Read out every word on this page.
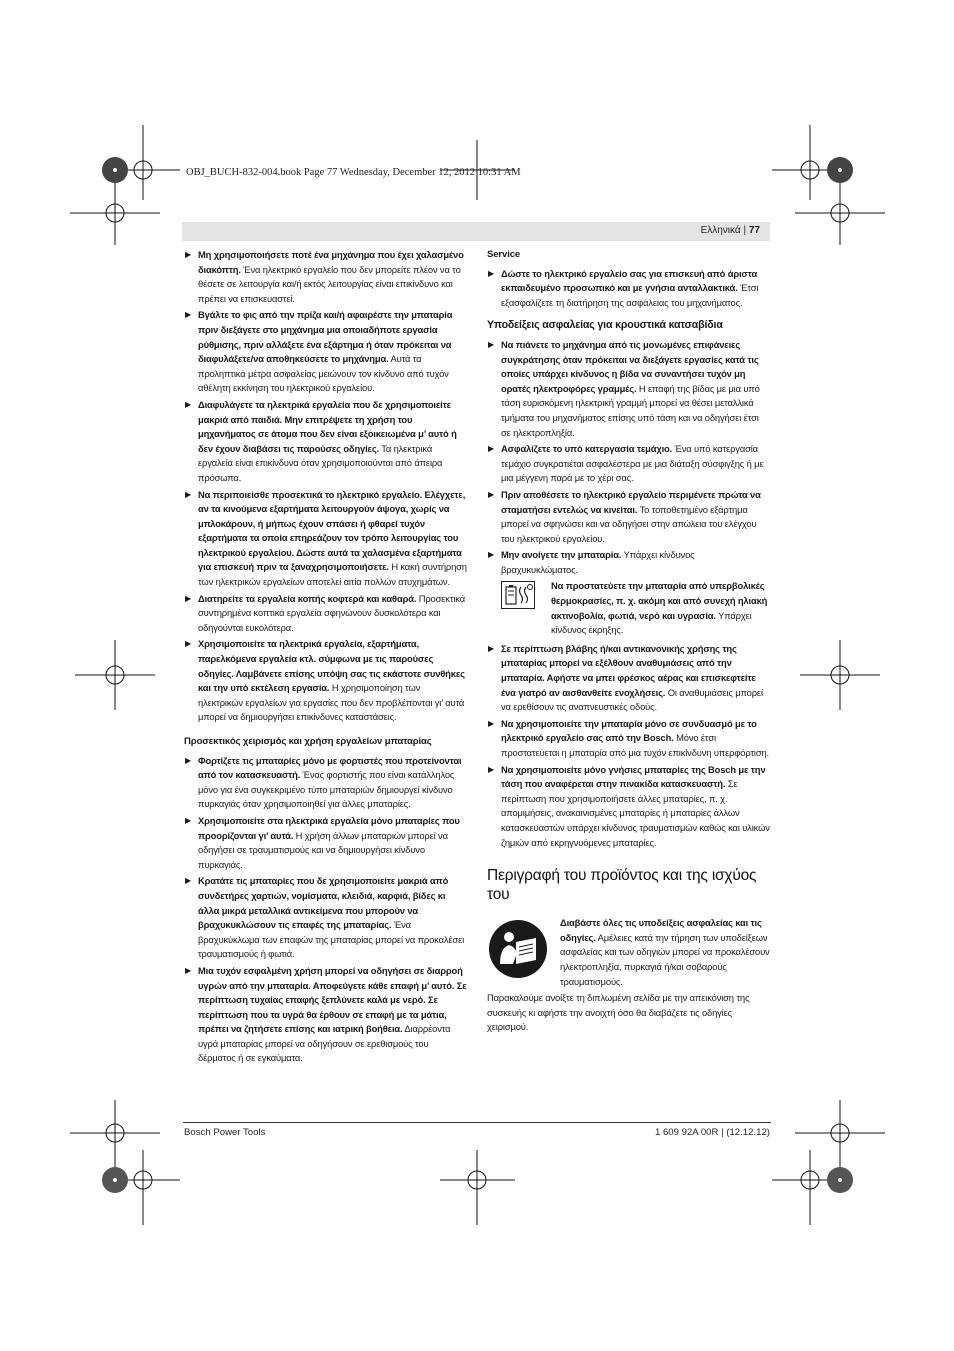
OBJ_BUCH-832-004.book Page 77 Wednesday, December 12, 2012 10:31 AM
Ελληνικά | 77
▶ Μη χρησιμοποιήσετε ποτέ ένα μηχάνημα που έχει χαλασμένο διακόπτη. Ένα ηλεκτρικό εργαλείο που δεν μπορείτε πλέον να το θέσετε σε λειτουργία και/ή εκτός λειτουργίας είναι επικίνδυνο και πρέπει να επισκευαστεί.
▶ Βγάλτε το φις από την πρίζα και/ή αφαιρέστε την μπαταρία πριν διεξάγετε στο μηχάνημα μια οποιαδήποτε εργασία ρύθμισης, πριν αλλάξετε ένα εξάρτημα ή όταν πρόκειται να διαφυλάξετε/να αποθηκεύσετε το μηχάνημα. Αυτά τα προληπτικά μέτρα ασφαλείας μειώνουν τον κίνδυνο από τυχόν αθέλητη εκκίνηση του ηλεκτρικού εργαλείου.
▶ Διαφυλάγετε τα ηλεκτρικά εργαλεία που δε χρησιμοποιείτε μακριά από παιδιά. Μην επιτρέψετε τη χρήση του μηχανήματος σε άτομα που δεν είναι εξοικειωμένα μ’ αυτό ή δεν έχουν διαβάσει τις παρούσες οδηγίες. Τα ηλεκτρικά εργαλεία είναι επικίνδυνα όταν χρησιμοποιούνται από άπειρα πρόσωπα.
▶ Να περιποιείσθε προσεκτικά το ηλεκτρικό εργαλείο. Ελέγχετε, αν τα κινούμενα εξαρτήματα λειτουργούν άψογα, χωρίς να μπλοκάρουν, ή μήπως έχουν σπάσει ή φθαρεί τυχόν εξαρτήματα τα οποία επηρεάζουν τον τρόπο λειτουργίας του ηλεκτρικού εργαλείου. Δώστε αυτά τα χαλασμένα εξαρτήματα για επισκευή πριν τα ξαναχρησιμοποιήσετε. Η κακή συντήρηση των ηλεκτρικών εργαλείων αποτελεί αιτία πολλών ατυχημάτων.
▶ Διατηρείτε τα εργαλεία κοπής κοφτερά και καθαρά. Προσεκτικά συντηρημένα κοπτικά εργαλεία σφηνώνουν δυσκολότερα και οδηγούνται ευκολότερα.
▶ Χρησιμοποιείτε τα ηλεκτρικά εργαλεία, εξαρτήματα, παρελκόμενα εργαλεία κτλ. σύμφωνα με τις παρούσες οδηγίες. Λαμβάνετε επίσης υπόψη σας τις εκάστοτε συνθήκες και την υπό εκτέλεση εργασία. Η χρησιμοποίηση των ηλεκτρικών εργαλείων για εργασίες που δεν προβλέπονται γι’ αυτά μπορεί να δημιουργήσει επικίνδυνες καταστάσεις.
Προσεκτικός χειρισμός και χρήση εργαλείων μπαταρίας
▶ Φορτίζετε τις μπαταρίες μόνο με φορτιστές που προτείνονται από τον κατασκευαστή. Ένας φορτιστής που είναι κατάλληλος μόνο για ένα συγκεκριμένο τύπο μπαταριών δημιουργεί κίνδυνο πυρκαγιάς όταν χρησιμοποιηθεί για άλλες μπαταρίες.
▶ Χρησιμοποιείτε στα ηλεκτρικά εργαλεία μόνο μπαταρίες που προορίζονται γι’ αυτά. Η χρήση άλλων μπαταριών μπορεί να οδηγήσει σε τραυματισμούς και να δημιουργήσει κίνδυνο πυρκαγιάς.
▶ Κρατάτε τις μπαταρίες που δε χρησιμοποιείτε μακριά από συνδετήρες χαρτιών, νομίσματα, κλειδιά, καρφιά, βίδες κι άλλα μικρά μεταλλικά αντικείμενα που μπορούν να βραχυκυκλώσουν τις επαφές της μπαταρίας. Ένα βραχυκύκλωμα των επαφών της μπαταρίας μπορεί να προκαλέσει τραυματισμούς ή φωτιά.
▶ Μια τυχόν εσφαλμένη χρήση μπορεί να οδηγήσει σε διαρροή υγρών από την μπαταρία. Αποφεύγετε κάθε επαφή μ’ αυτό. Σε περίπτωση τυχαίας επαφής ξεπλύνετε καλά με νερό. Σε περίπτωση που τα υγρά θα έρθουν σε επαφή με τα μάτια, πρέπει να ζητήσετε επίσης και ιατρική βοήθεια. Διαρρέοντα υγρά μπαταρίας μπορεί να οδηγήσουν σε ερεθισμούς του δέρματος ή σε εγκαύματα.
Service
▶ Δώστε το ηλεκτρικό εργαλείο σας για επισκευή από άριστα εκπαιδευμένο προσωπικό και με γνήσια ανταλλακτικά. Έτσι εξασφαλίζετε τη διατήρηση της ασφάλειας του μηχανήματος.
Υποδείξεις ασφαλείας για κρουστικά κατσαβίδια
▶ Να πιάνετε το μηχάνημα από τις μονωμένες επιφάνειες συγκράτησης όταν πρόκειται να διεξάγετε εργασίες κατά τις οποίες υπάρχει κίνδυνος η βίδα να συναντήσει τυχόν μη ορατές ηλεκτροφόρες γραμμές. Η επαφή της βίδας με μια υπό τάση ευρισκόμενη ηλεκτρική γραμμή μπορεί να θέσει μεταλλικά τμήματα του μηχανήματος επίσης υπό τάση και να οδηγήσει έτσι σε ηλεκτροπληξία.
▶ Ασφαλίζετε το υπό κατεργασία τεμάχιο. Ένα υπό κατεργασία τεμάχιο συγκρατιέται ασφαλέστερα με μια διάταξη σύσφιγξης ή με μια μέγγενη παρά με το χέρι σας.
▶ Πριν αποθέσετε το ηλεκτρικό εργαλείο περιμένετε πρώτα να σταματήσει εντελώς να κινείται. Το τοποθετημένο εξάρτημα μπορεί να σφηνώσει και να οδηγήσει στην απώλεια του ελέγχου του ηλεκτρικού εργαλείου.
▶ Μην ανοίγετε την μπαταρία. Υπάρχει κίνδυνος βραχυκυκλώματος.
Να προστατεύετε την μπαταρία από υπερβολικές θερμοκρασίες, π. χ. ακόμη και από συνεχή ηλιακή ακτινοβολία, φωτιά, νερό και υγρασία. Υπάρχει κίνδυνος έκρηξης.
▶ Σε περίπτωση βλάβης ή/και αντικανονικής χρήσης της μπαταρίας μπορεί να εξέλθουν αναθυμιάσεις από την μπαταρία. Αφήστε να μπει φρέσκος αέρας και επισκεφτείτε ένα γιατρό αν αισθανθείτε ενοχλήσεις. Οι αναθυμιάσεις μπορεί να ερεθίσουν τις αναπνευστικές οδούς.
▶ Να χρησιμοποιείτε την μπαταρία μόνο σε συνδυασμό με το ηλεκτρικό εργαλείο σας από την Bosch. Μόνο έτσι προστατεύεται η μπαταρία από μια τυχόν επικίνδυνη υπερφόρτιση.
▶ Να χρησιμοποιείτε μόνο γνήσιες μπαταρίες της Bosch με την τάση που αναφέρεται στην πινακίδα κατασκευαστή. Σε περίπτωση που χρησιμοποιήσετε άλλες μπαταρίες, π. χ. απομιμήσεις, ανακαινισμένες μπαταρίες ή μπαταρίες άλλων κατασκευαστών υπάρχει κίνδυνος τραυματισμών καθώς και υλικών ζημιών από εκρηγνυόμενες μπαταρίες.
Περιγραφή του προϊόντος και της ισχύος του
Διαβάστε όλες τις υποδείξεις ασφαλείας και τις οδηγίες. Αμέλειες κατά την τήρηση των υποδείξεων ασφαλείας και των οδηγιών μπορεί να προκαλέσουν ηλεκτροπληξία, πυρκαγιά ή/και σοβαρούς τραυματισμούς.
Παρακαλούμε ανοίξτε τη διπλωμένη σελίδα με την απεικόνιση της συσκευής κι αφήστε την ανοιχτή όσο θα διαβάζετε τις οδηγίες χειρισμού.
Bosch Power Tools	1 609 92A 00R | (12.12.12)
